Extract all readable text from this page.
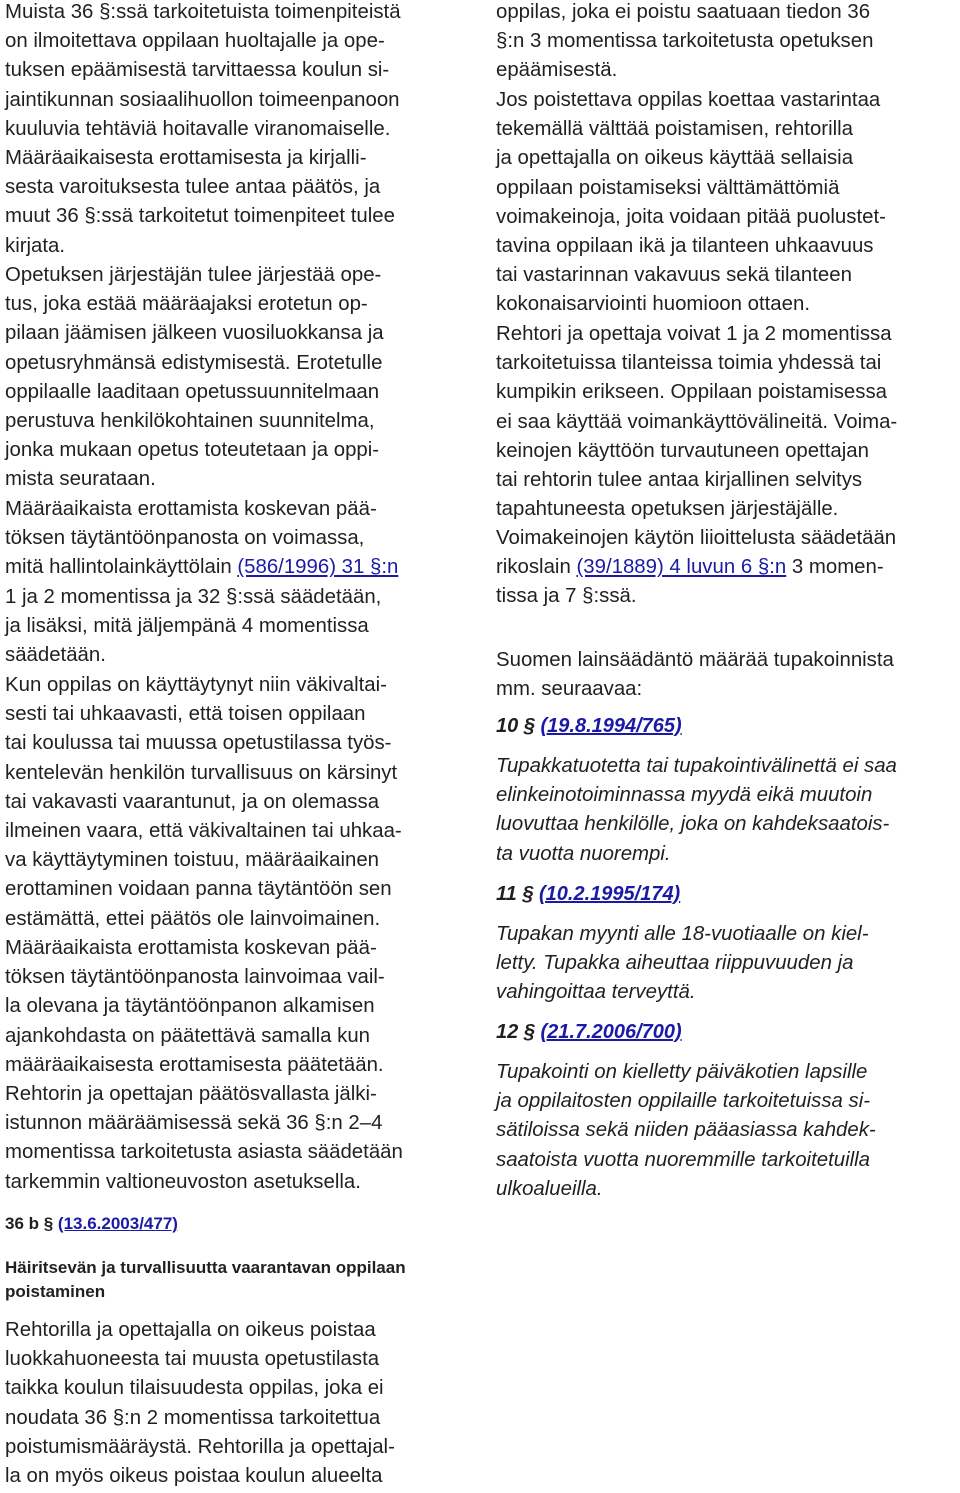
Muista 36 §:ssä tarkoitetuista toimenpiteistä
on ilmoitettava oppilaan huoltajalle ja ope-
tuksen epäämisestä tarvittaessa koulun si-
jaintikunnan sosiaalihuollon toimeenpanoon
kuuluvia tehtäviä hoitavalle viranomaiselle.

Määräaikaisesta erottamisesta ja kirjalli-
sesta varoituksesta tulee antaa päätös, ja
muut 36 §:ssä tarkoitetut toimenpiteet tulee
kirjata.

Opetuksen järjestäjän tulee järjestää ope-
tus, joka estää määräajaksi erotetun op-
pilaan jäämisen jälkeen vuosiluokkansa ja
opetusryhmänsä edistymisestä. Erotetulle
oppilaalle laaditaan opetussuunnitelmaan
perustuva henkilökohtainen suunnitelma,
jonka mukaan opetus toteutetaan ja oppi-
mista seurataan.

Määräaikaista erottamista koskevan pää-
töksen täytäntöönpanosta on voimassa,
mitä hallintolainkäyttölain (586/1996) 31 §:n
1 ja 2 momentissa ja 32 §:ssä säädetään,
ja lisäksi, mitä jäljempänä 4 momentissa
säädetään.

Kun oppilas on käyttäytynyt niin väkivaltai-
sesti tai uhkaavasti, että toisen oppilaan
tai koulussa tai muussa opetustilassa työs-
kentelevän henkilön turvallisuus on kärsinyt
tai vakavasti vaarantunut, ja on olemassa
ilmeinen vaara, että väkivaltainen tai uhkaa-
va käyttäytyminen toistuu, määräaikainen
erottaminen voidaan panna täytäntöön sen
estämättä, ettei päätös ole lainvoimainen.

Määräaikaista erottamista koskevan pää-
töksen täytäntöönpanosta lainvoimaa vail-
la olevana ja täytäntöönpanon alkamisen
ajankohdasta on päätettävä samalla kun
määräaikaisesta erottamisesta päätetään.

Rehtorin ja opettajan päätösvallasta jälki-
istunnon määräämisessä sekä 36 §:n 2–4
momentissa tarkoitetusta asiasta säädetään
tarkemmin valtioneuvoston asetuksella.

36 b § (13.6.2003/477)

Häiritsevän ja turvallisuutta vaarantavan oppilaan
poistaminen

Rehtorilla ja opettajalla on oikeus poistaa
luokkahuoneesta tai muusta opetustilasta
taikka koulun tilaisuudesta oppilas, joka ei
noudata 36 §:n 2 momentissa tarkoitettua
poistumismääräystä. Rehtorilla ja opettajal-
la on myös oikeus poistaa koulun alueelta

oppilas, joka ei poistu saatuaan tiedon 36
§:n 3 momentissa tarkoitetusta opetuksen
epäämisestä.

Jos poistettava oppilas koettaa vastarintaa
tekemällä välttää poistamisen, rehtorilla
ja opettajalla on oikeus käyttää sellaisia
oppilaan poistamiseksi välttämättömiä
voimakeinoja, joita voidaan pitää puolustet-
tavina oppilaan ikä ja tilanteen uhkaavuus
tai vastarinnan vakavuus sekä tilanteen
kokonaisarviointi huomioon ottaen.

Rehtori ja opettaja voivat 1 ja 2 momentissa
tarkoitetuissa tilanteissa toimia yhdessä tai
kumpikin erikseen. Oppilaan poistamisessa
ei saa käyttää voimankäyttövälineitä. Voima-
keinojen käyttöön turvautuneen opettajan
tai rehtorin tulee antaa kirjallinen selvitys
tapahtuneesta opetuksen järjestäjälle.

Voimakeinojen käytön liioittelusta säädetään
rikoslain (39/1889) 4 luvun 6 §:n 3 momen-
tissa ja 7 §:ssä.

Suomen lainsäädäntö määrää tupakoinnista
mm. seuraavaa:

10 § (19.8.1994/765)

Tupakkatuotetta tai tupakointivälinettä ei saa
elinkeinotoiminnassa myydä eikä muutoin
luovuttaa henkilölle, joka on kahdeksaatois-
ta vuotta nuorempi.

11 § (10.2.1995/174)

Tupakan myynti alle 18-vuotiaalle on kiel-
letty. Tupakka aiheuttaa riippuvuuden ja
vahingoittaa terveyttä.

12 § (21.7.2006/700)

Tupakointi on kielletty päiväkotien lapsille
ja oppilaitosten oppilaille tarkoitetuissa si-
sätiloissa sekä niiden pääasiassa kahdek-
saatoista vuotta nuoremmille tarkoitetuilla
ulkoalueilla.
